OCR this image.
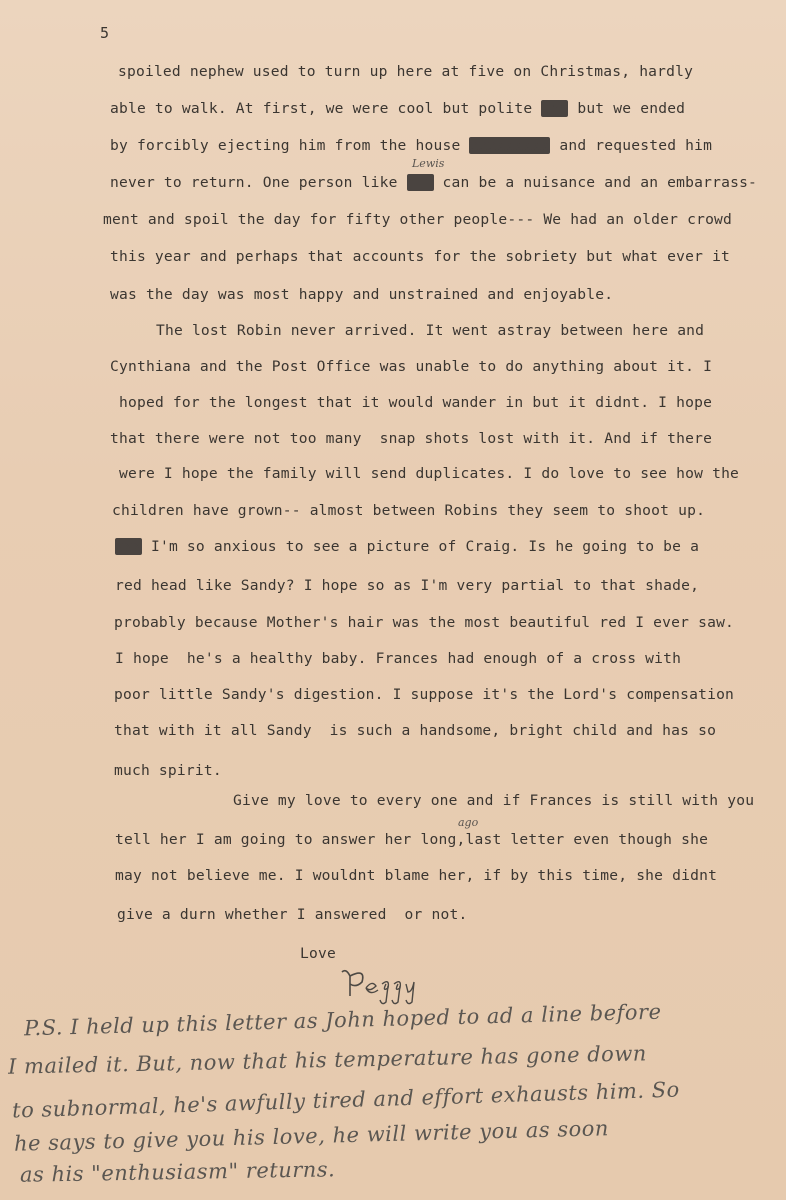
5
spoiled nephew used to turn up here at five on Christmas, hardly
able to walk. At first, we were cool but polite and but we ended
by forcibly ejecting him from the house xxxxxxxxx and requested him
Lewis
never to return. One person like him can be a nuisance and an embarrass-
ment and spoil the day for fifty other people--- We had an older crowd
this year and perhaps that accounts for the sobriety but what ever it
was the day was most happy and unstrained and enjoyable.
The lost Robin never arrived. It went astray between here and
Cynthiana and the Post Office was unable to do anything about it. I
hoped for the longest that it would wander in but it didnt. I hope
that there were not too many  snap shots lost with it. And if there
were I hope the family will send duplicates. I do love to see how the
children have grown-- almost between Robins they seem to shoot up.
xxx I'm so anxious to see a picture of Craig. Is he going to be a
red head like Sandy? I hope so as I'm very partial to that shade,
probably because Mother's hair was the most beautiful red I ever saw.
I hope  he's a healthy baby. Frances had enough of a cross with
poor little Sandy's digestion. I suppose it's the Lord's compensation
that with it all Sandy  is such a handsome, bright child and has so
much spirit.
Give my love to every one and if Frances is still with you
ago
tell her I am going to answer her long,last letter even though she
may not believe me. I wouldnt blame her, if by this time, she didnt
give a durn whether I answered  or not.
Love
P.S. I held up this letter as John hoped to ad a line before
I mailed it. But, now that his temperature has gone down
to subnormal, he's awfully tired and effort exhausts him. So
he says to give you his love, he will write you as soon
as his "enthusiasm" returns.
